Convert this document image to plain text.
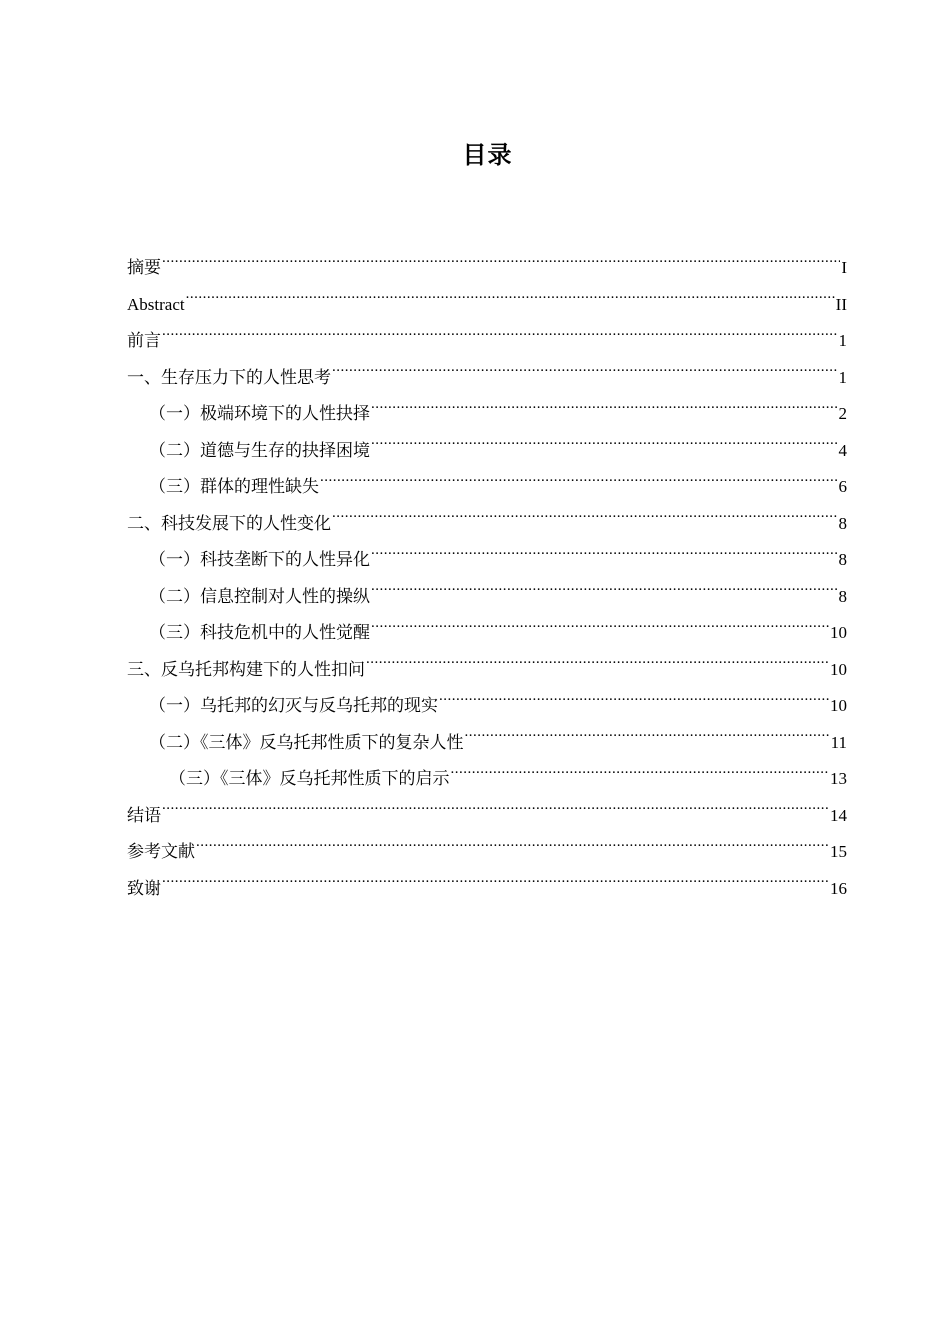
目录
摘要 .....	I
Abstract .....	II
前言 .....	1
一、生存压力下的人性思考 .....	1
（一）极端环境下的人性抉择 .....	2
（二）道德与生存的抉择困境 .....	4
（三）群体的理性缺失 .....	6
二、科技发展下的人性变化 .....	8
（一）科技垄断下的人性异化 .....	8
（二）信息控制对人性的操纵 .....	8
（三）科技危机中的人性觉醒 .....	10
三、反乌托邦构建下的人性扣问 .....	10
（一）乌托邦的幻灭与反乌托邦的现实 .....	10
（二）《三体》反乌托邦性质下的复杂人性 .....	11
（三）《三体》反乌托邦性质下的启示 .....	13
结语 .....	14
参考文献 .....	15
致谢 .....	16
